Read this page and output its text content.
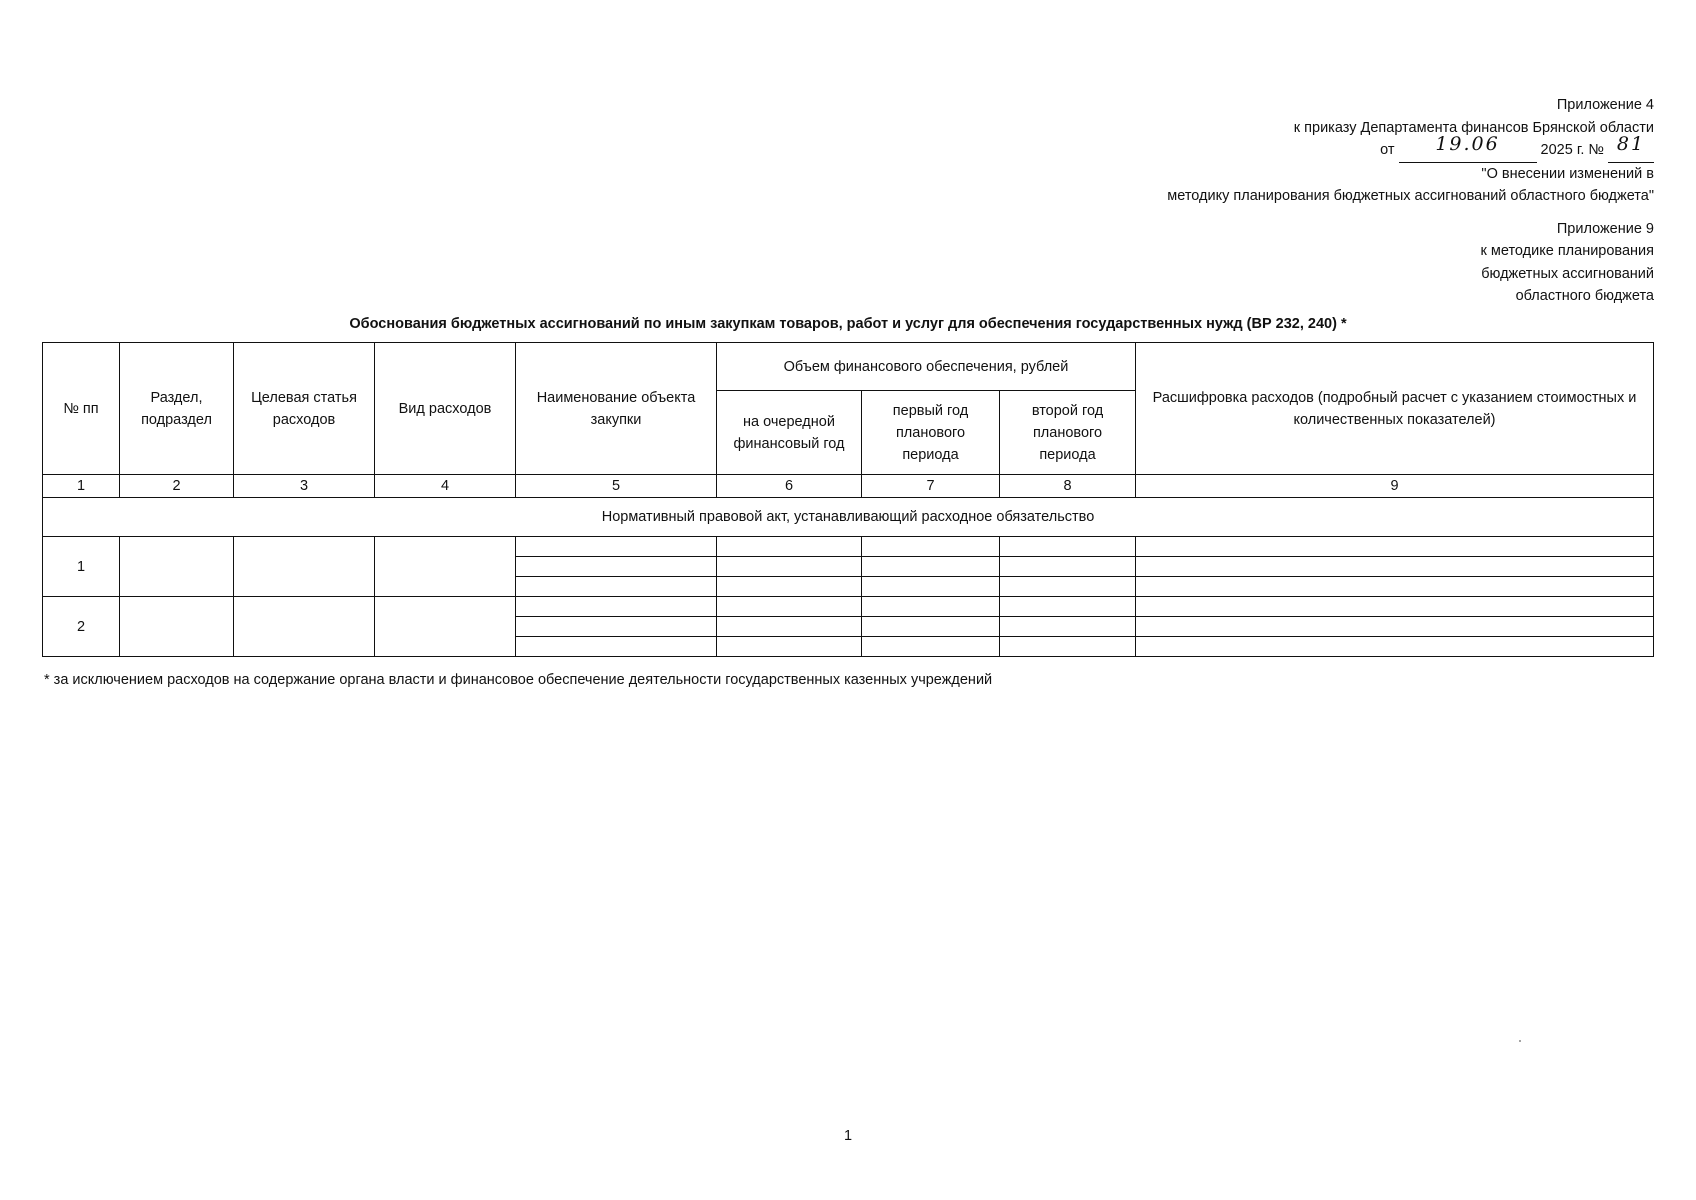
Приложение 4
к приказу Департамента финансов Брянской области
от	19.06	2025 г. № 81
"О внесении изменений в
методику планирования бюджетных ассигнований областного бюджета"
Приложение 9
к методике планирования
бюджетных ассигнований
областного бюджета
Обоснования бюджетных ассигнований по иным закупкам товаров, работ и услуг для обеспечения государственных нужд (ВР 232, 240) *
№ пп	Раздел, подраздел	Целевая статья расходов	Вид расходов	Наименование объекта закупки	Объем финансового обеспечения, рублей			Расшифровка расходов (подробный расчет с указанием стоимостных и количественных показателей)
					на очередной финансовый год	первый год планового периода	второй год планового периода	
1	2	3	4	5	6	7	8	9
Нормативный правовой акт, устанавливающий расходное обязательство								
1								

2								

* за исключением расходов на содержание органа власти и финансовое обеспечение деятельности государственных казенных учреждений
1
